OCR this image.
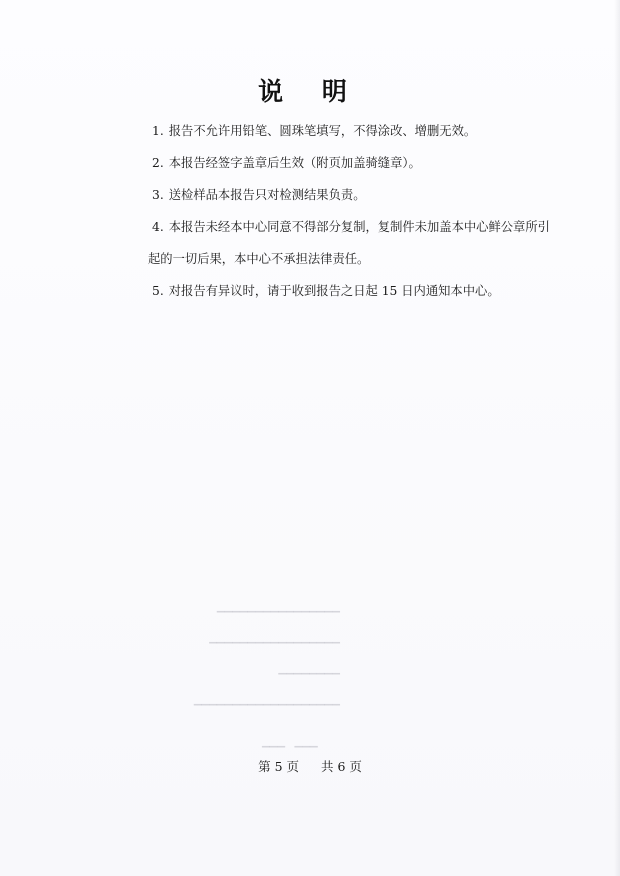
说 明
1. 报告不允许用铅笔、圆珠笔填写，不得涂改、增删无效。
2. 本报告经签字盖章后生效（附页加盖骑缝章）。
3. 送检样品本报告只对检测结果负责。
4. 本报告未经本中心同意不得部分复制，复制件未加盖本中心鲜公章所引
起的一切后果，本中心不承担法律责任。
5. 对报告有异议时，请于收到报告之日起 15 日内通知本中心。
▁▁▁▁▁▁▁▁▁▁▁▁▁▁▁▁
▁▁▁▁▁▁▁▁▁▁▁▁▁▁▁▁▁
▁▁▁▁▁▁▁▁
▁▁▁▁▁▁▁▁▁▁▁▁▁▁▁▁▁▁▁
▁▁▁   ▁▁▁
第 5 页 共 6 页
